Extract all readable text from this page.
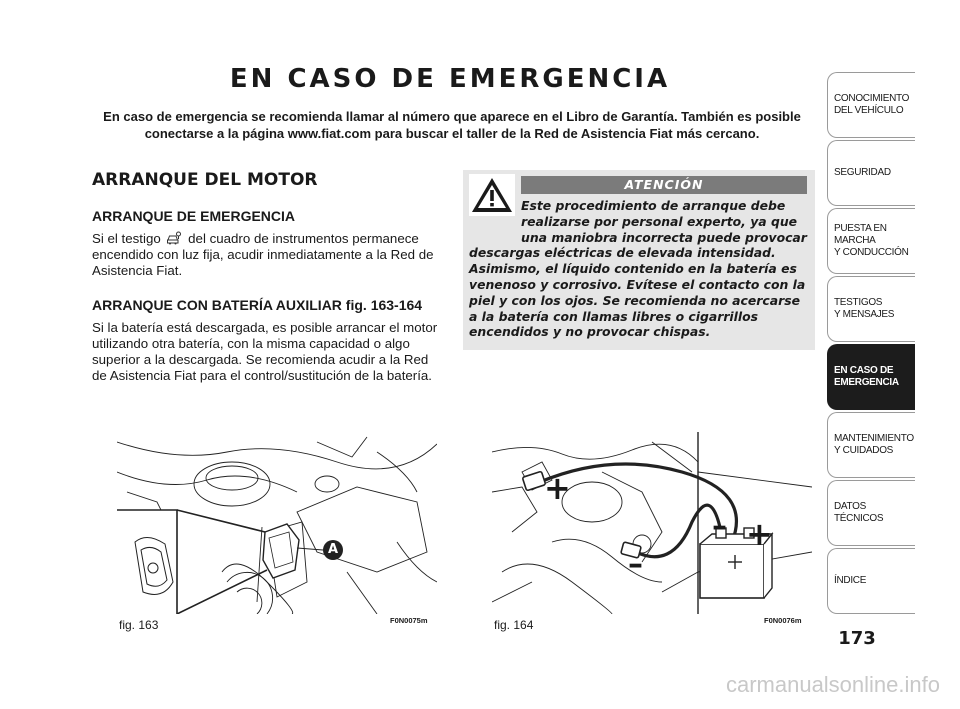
EN CASO DE EMERGENCIA

En caso de emergencia se recomienda llamar al número que aparece en el Libro de Garantía. También es posible conectarse a la página www.fiat.com para buscar el taller de la Red de Asistencia Fiat más cercano.

ARRANQUE DEL MOTOR

ARRANQUE DE EMERGENCIA

Si el testigo del cuadro de instrumentos permanece encendido con luz fija, acudir inmediatamente a la Red de Asistencia Fiat.

ARRANQUE CON BATERÍA AUXILIAR fig. 163-164

Si la batería está descargada, es posible arrancar el motor utilizando otra batería, con la misma capacidad o algo superior a la descargada. Se recomienda acudir a la Red de Asistencia Fiat para el control/sustitución de la batería.

ATENCIÓN

Este procedimiento de arranque debe realizarse por personal experto, ya que una maniobra incorrecta puede provocar descargas eléctricas de elevada intensidad. Asimismo, el líquido contenido en la batería es venenoso y corrosivo. Evítese el contacto con la piel y con los ojos. Se recomienda no acercarse a la batería con llamas libres o cigarrillos encendidos y no provocar chispas.

A
fig. 163	F0N0075m
+
–
– +
fig. 164	F0N0076m
CONOCIMIENTO
DEL VEHÍCULO
SEGURIDAD
PUESTA EN
MARCHA
Y CONDUCCIÓN
TESTIGOS
Y MENSAJES
EN CASO DE
EMERGENCIA
MANTENIMIENTO
Y CUIDADOS
DATOS
TÉCNICOS
ÍNDICE
173
carmanualsonline.info
